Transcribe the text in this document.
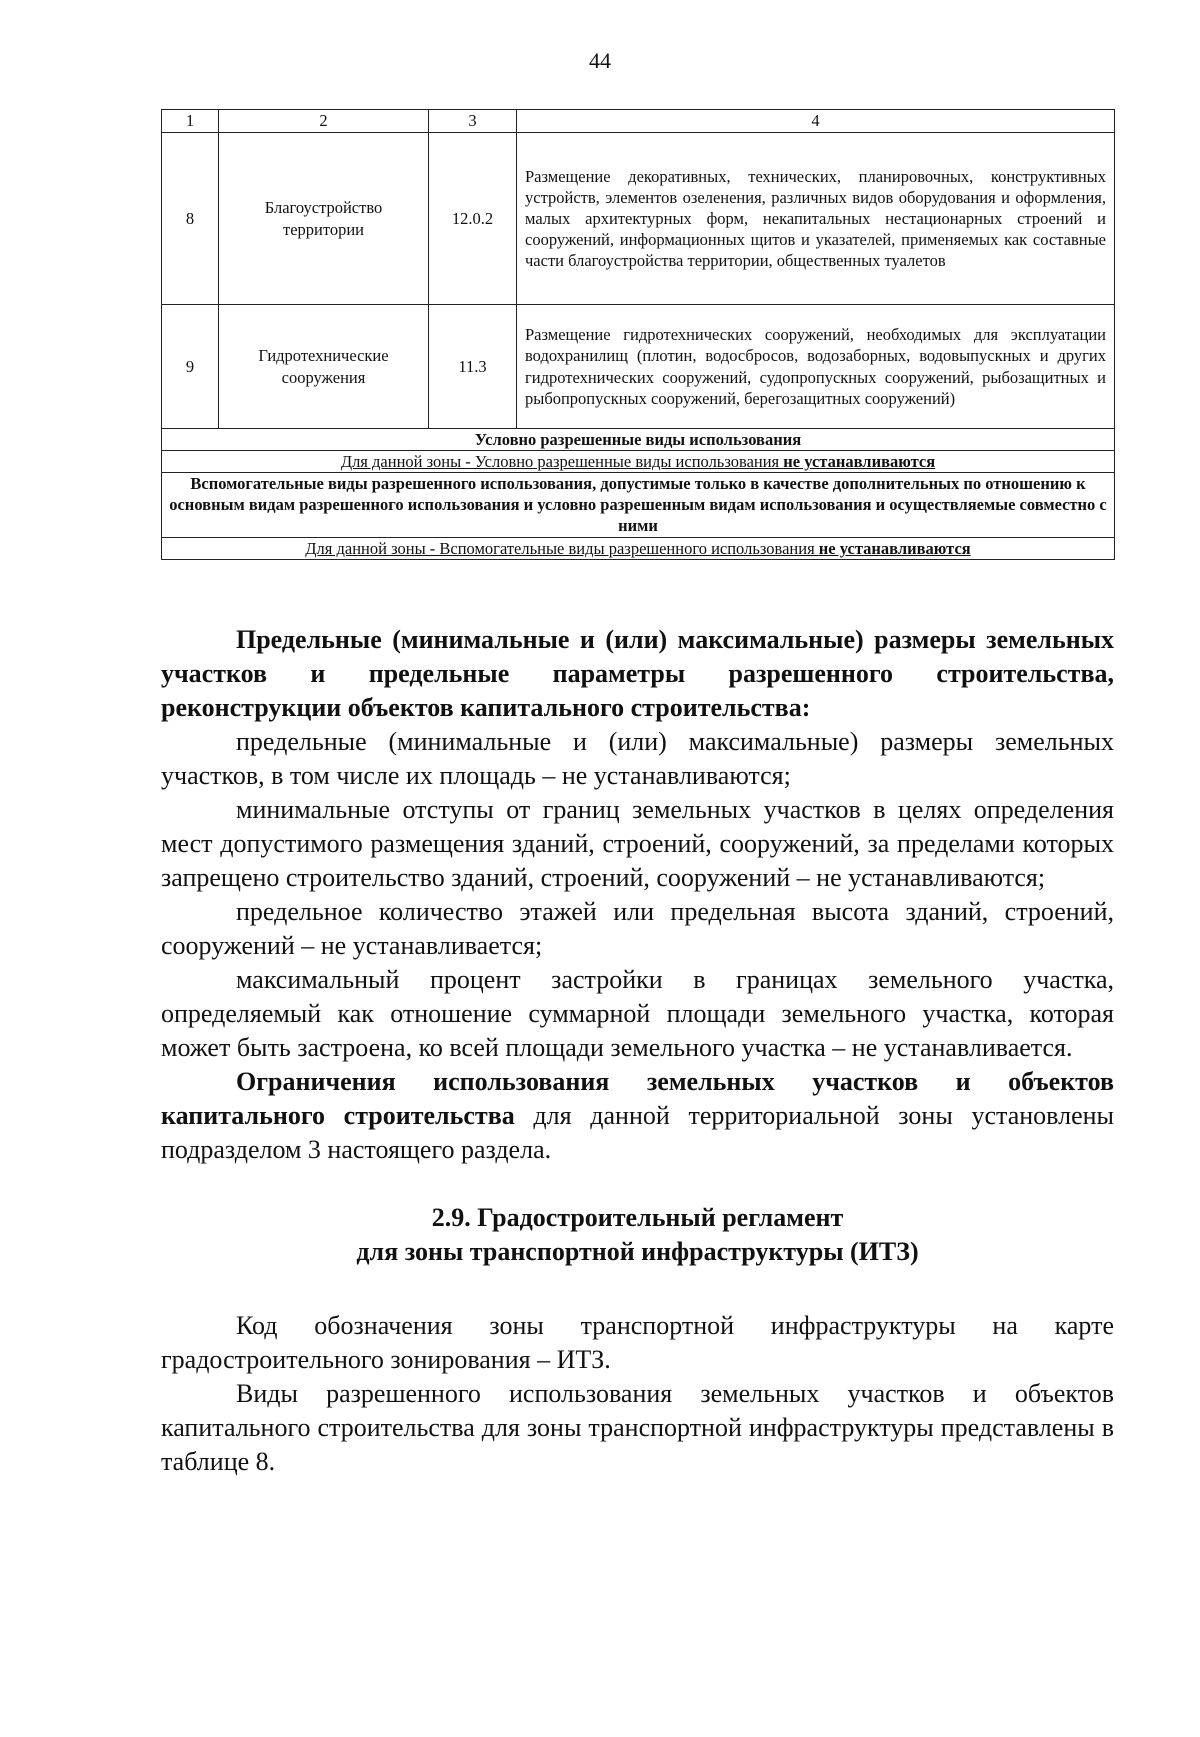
44
1	2	3	4
8	Благоустройство территории	12.0.2	Размещение декоративных, технических, планировочных, конструктивных устройств, элементов озеленения, различных видов оборудования и оформления, малых архитектурных форм, некапитальных нестационарных строений и сооружений, информационных щитов и указателей, применяемых как составные части благоустройства территории, общественных туалетов
9	Гидротехнические сооружения	11.3	Размещение гидротехнических сооружений, необходимых для эксплуатации водохранилищ (плотин, водосбросов, водозаборных, водовыпускных и других гидротехнических сооружений, судопропускных сооружений, рыбозащитных и рыбопропускных сооружений, берегозащитных сооружений)
Условно разрешенные виды использования			
Для данной зоны - Условно разрешенные виды использования не устанавливаются			
Вспомогательные виды разрешенного использования, допустимые только в качестве дополнительных по отношению к основным видам разрешенного использования и условно разрешенным видам использования и осуществляемые совместно с ними			
Для данной зоны - Вспомогательные виды разрешенного использования не устанавливаются			

Предельные (минимальные и (или) максимальные) размеры земельных участков и предельные параметры разрешенного строительства, реконструкции объектов капитального строительства:

предельные (минимальные и (или) максимальные) размеры земельных участков, в том числе их площадь – не устанавливаются;

минимальные отступы от границ земельных участков в целях определения мест допустимого размещения зданий, строений, сооружений, за пределами которых запрещено строительство зданий, строений, сооружений – не устанавливаются;

предельное количество этажей или предельная высота зданий, строений, сооружений – не устанавливается;

максимальный процент застройки в границах земельного участка, определяемый как отношение суммарной площади земельного участка, которая может быть застроена, ко всей площади земельного участка – не устанавливается.

Ограничения использования земельных участков и объектов капитального строительства для данной территориальной зоны установлены подразделом 3 настоящего раздела.

2.9. Градостроительный регламент
для зоны транспортной инфраструктуры (ИТЗ)

Код обозначения зоны транспортной инфраструктуры на карте градостроительного зонирования – ИТЗ.

Виды разрешенного использования земельных участков и объектов капитального строительства для зоны транспортной инфраструктуры представлены в таблице 8.
